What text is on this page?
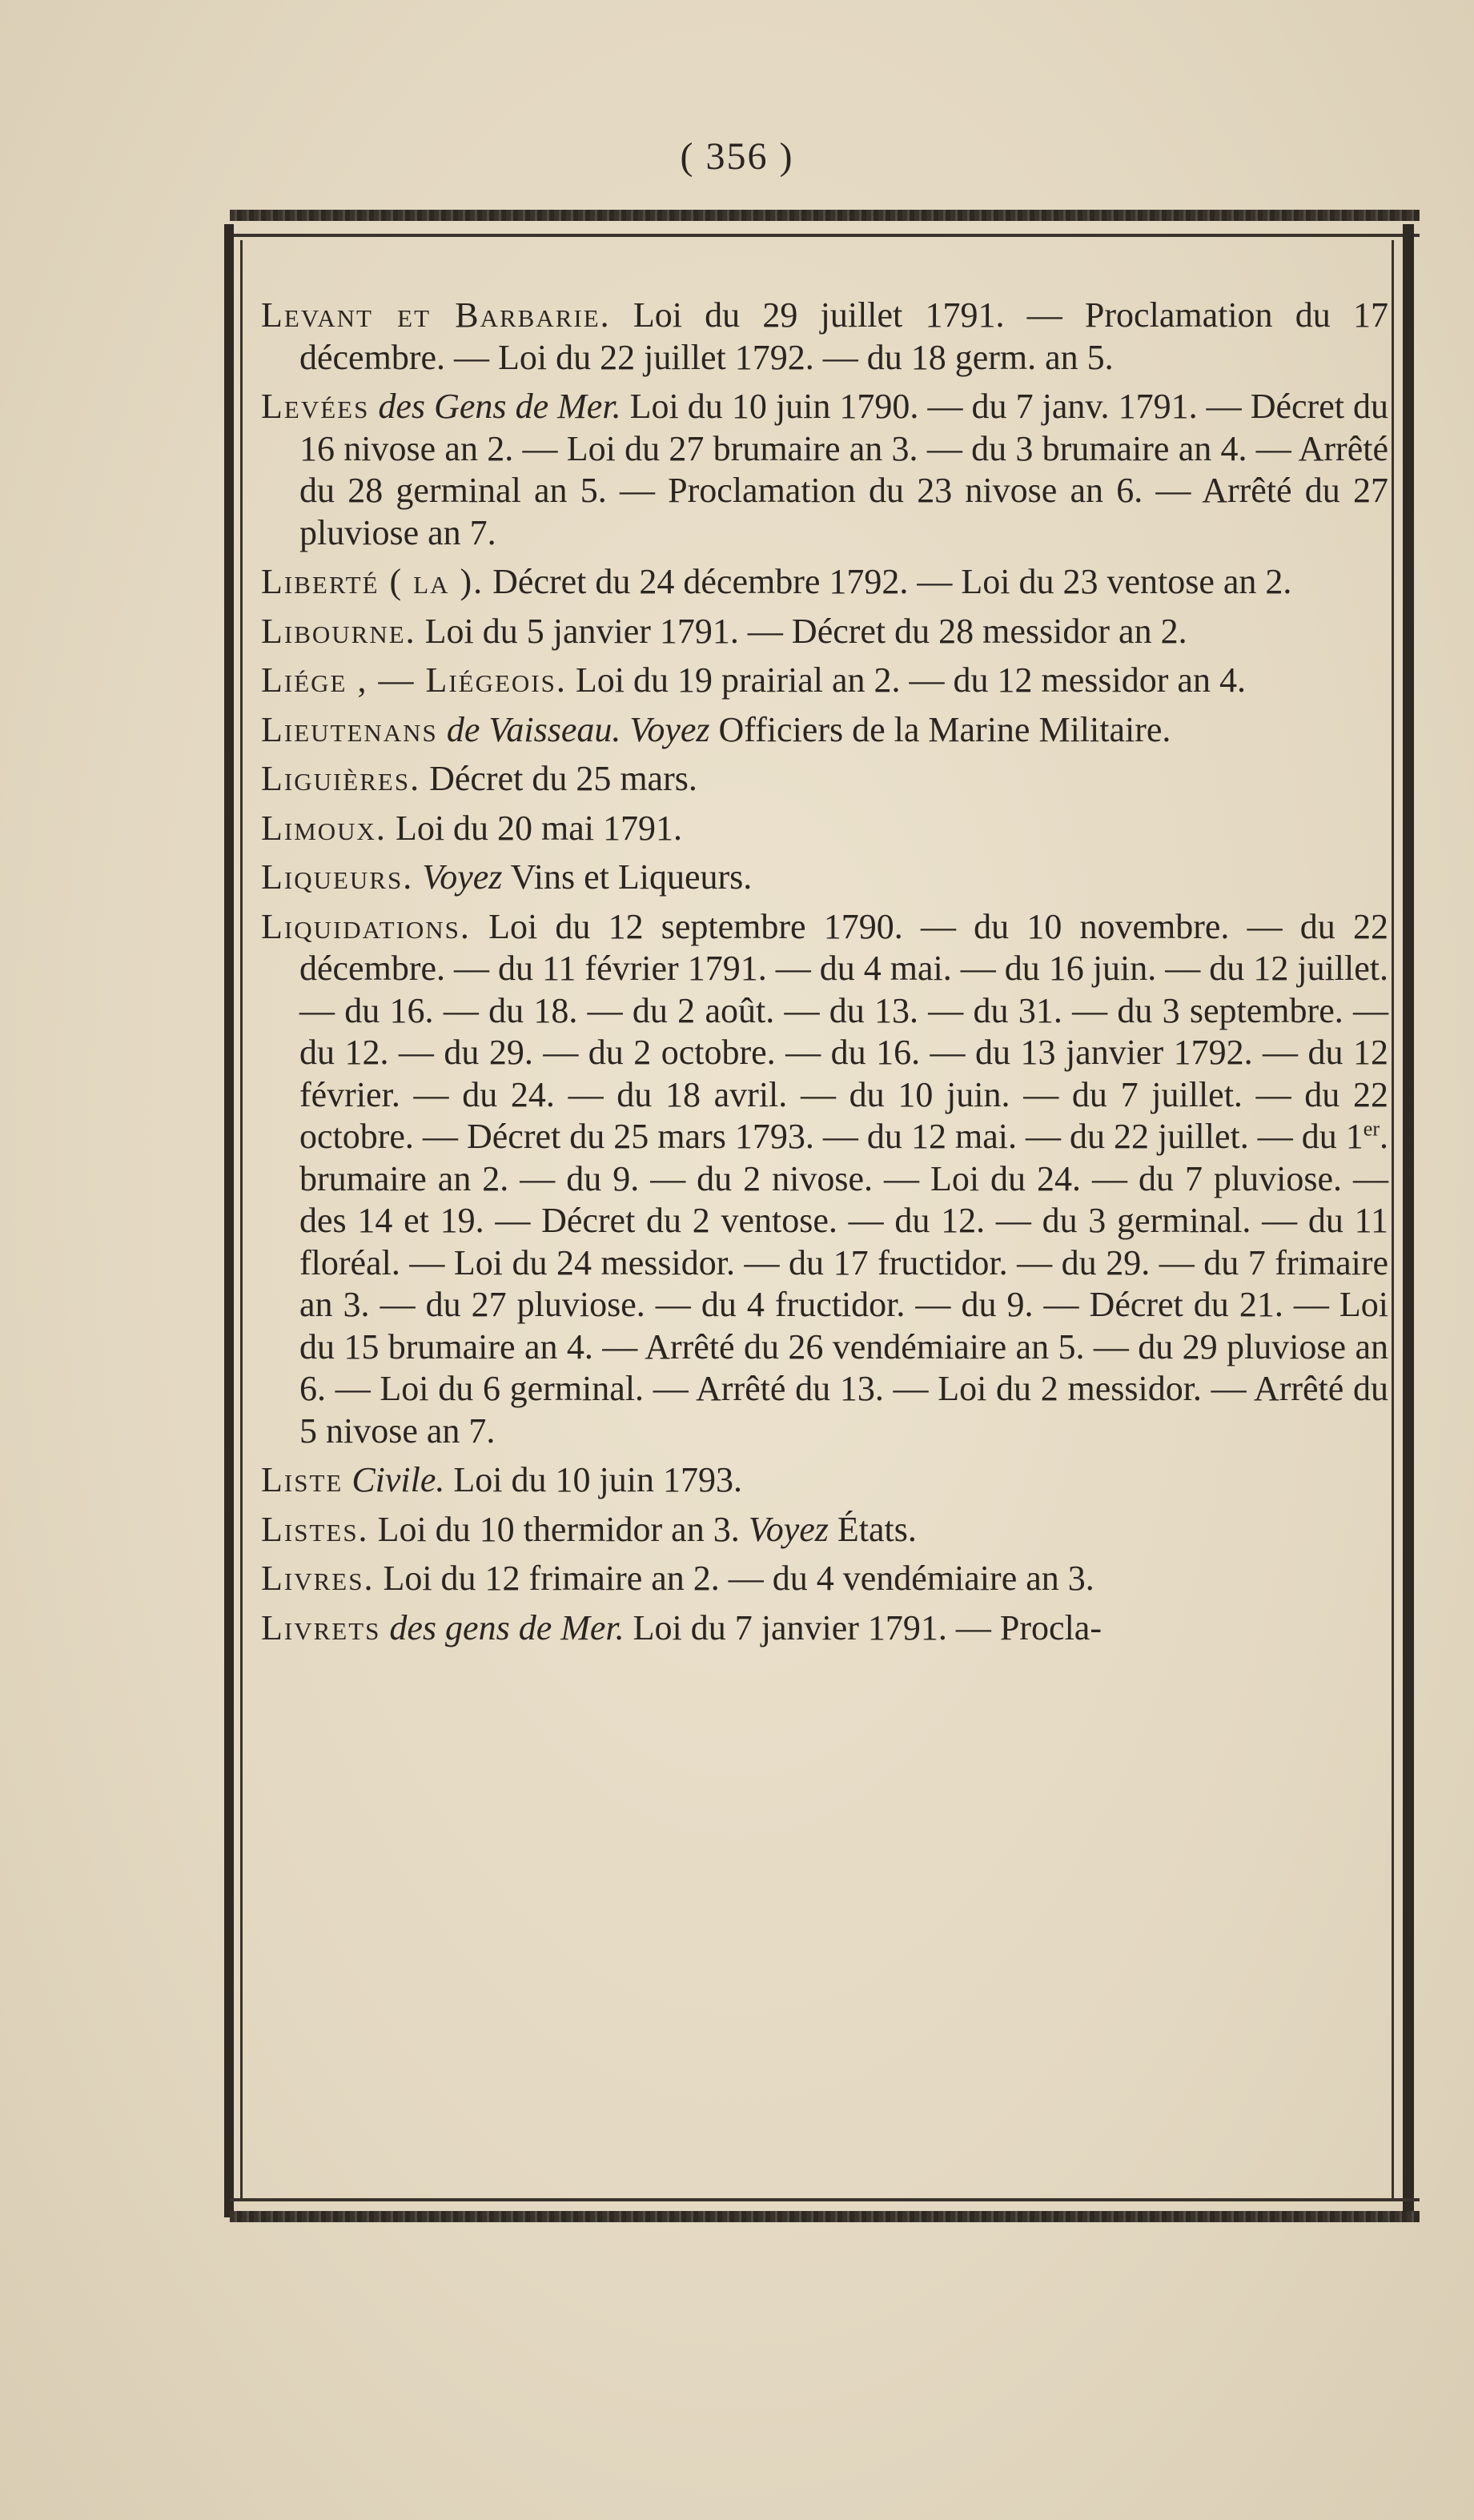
( 356 )

Levant et Barbarie. Loi du 29 juillet 1791. — Proclamation du 17 décembre. — Loi du 22 juillet 1792. — du 18 germ. an 5.

Levées des Gens de Mer. Loi du 10 juin 1790. — du 7 janv. 1791. — Décret du 16 nivose an 2. — Loi du 27 brumaire an 3. — du 3 brumaire an 4. — Arrêté du 28 germinal an 5. — Proclamation du 23 nivose an 6. — Arrêté du 27 pluviose an 7.

Liberté ( la ). Décret du 24 décembre 1792. — Loi du 23 ventose an 2.

Libourne. Loi du 5 janvier 1791. — Décret du 28 messidor an 2.

Liége , — Liégeois. Loi du 19 prairial an 2. — du 12 messidor an 4.

Lieutenans de Vaisseau. Voyez Officiers de la Marine Militaire.

Liguières. Décret du 25 mars.

Limoux. Loi du 20 mai 1791.

Liqueurs. Voyez Vins et Liqueurs.

Liquidations. Loi du 12 septembre 1790. — du 10 novembre. — du 22 décembre. — du 11 février 1791. — du 4 mai. — du 16 juin. — du 12 juillet. — du 16. — du 18. — du 2 août. — du 13. — du 31. — du 3 septembre. — du 12. — du 29. — du 2 octobre. — du 16. — du 13 janvier 1792. — du 12 février. — du 24. — du 18 avril. — du 10 juin. — du 7 juillet. — du 22 octobre. — Décret du 25 mars 1793. — du 12 mai. — du 22 juillet. — du 1er. brumaire an 2. — du 9. — du 2 nivose. — Loi du 24. — du 7 pluviose. — des 14 et 19. — Décret du 2 ventose. — du 12. — du 3 germinal. — du 11 floréal. — Loi du 24 messidor. — du 17 fructidor. — du 29. — du 7 frimaire an 3. — du 27 pluviose. — du 4 fructidor. — du 9. — Décret du 21. — Loi du 15 brumaire an 4. — Arrêté du 26 vendémiaire an 5. — du 29 pluviose an 6. — Loi du 6 germinal. — Arrêté du 13. — Loi du 2 messidor. — Arrêté du 5 nivose an 7.

Liste Civile. Loi du 10 juin 1793.

Listes. Loi du 10 thermidor an 3. Voyez États.

Livres. Loi du 12 frimaire an 2. — du 4 vendémiaire an 3.

Livrets des gens de Mer. Loi du 7 janvier 1791. — Procla-
